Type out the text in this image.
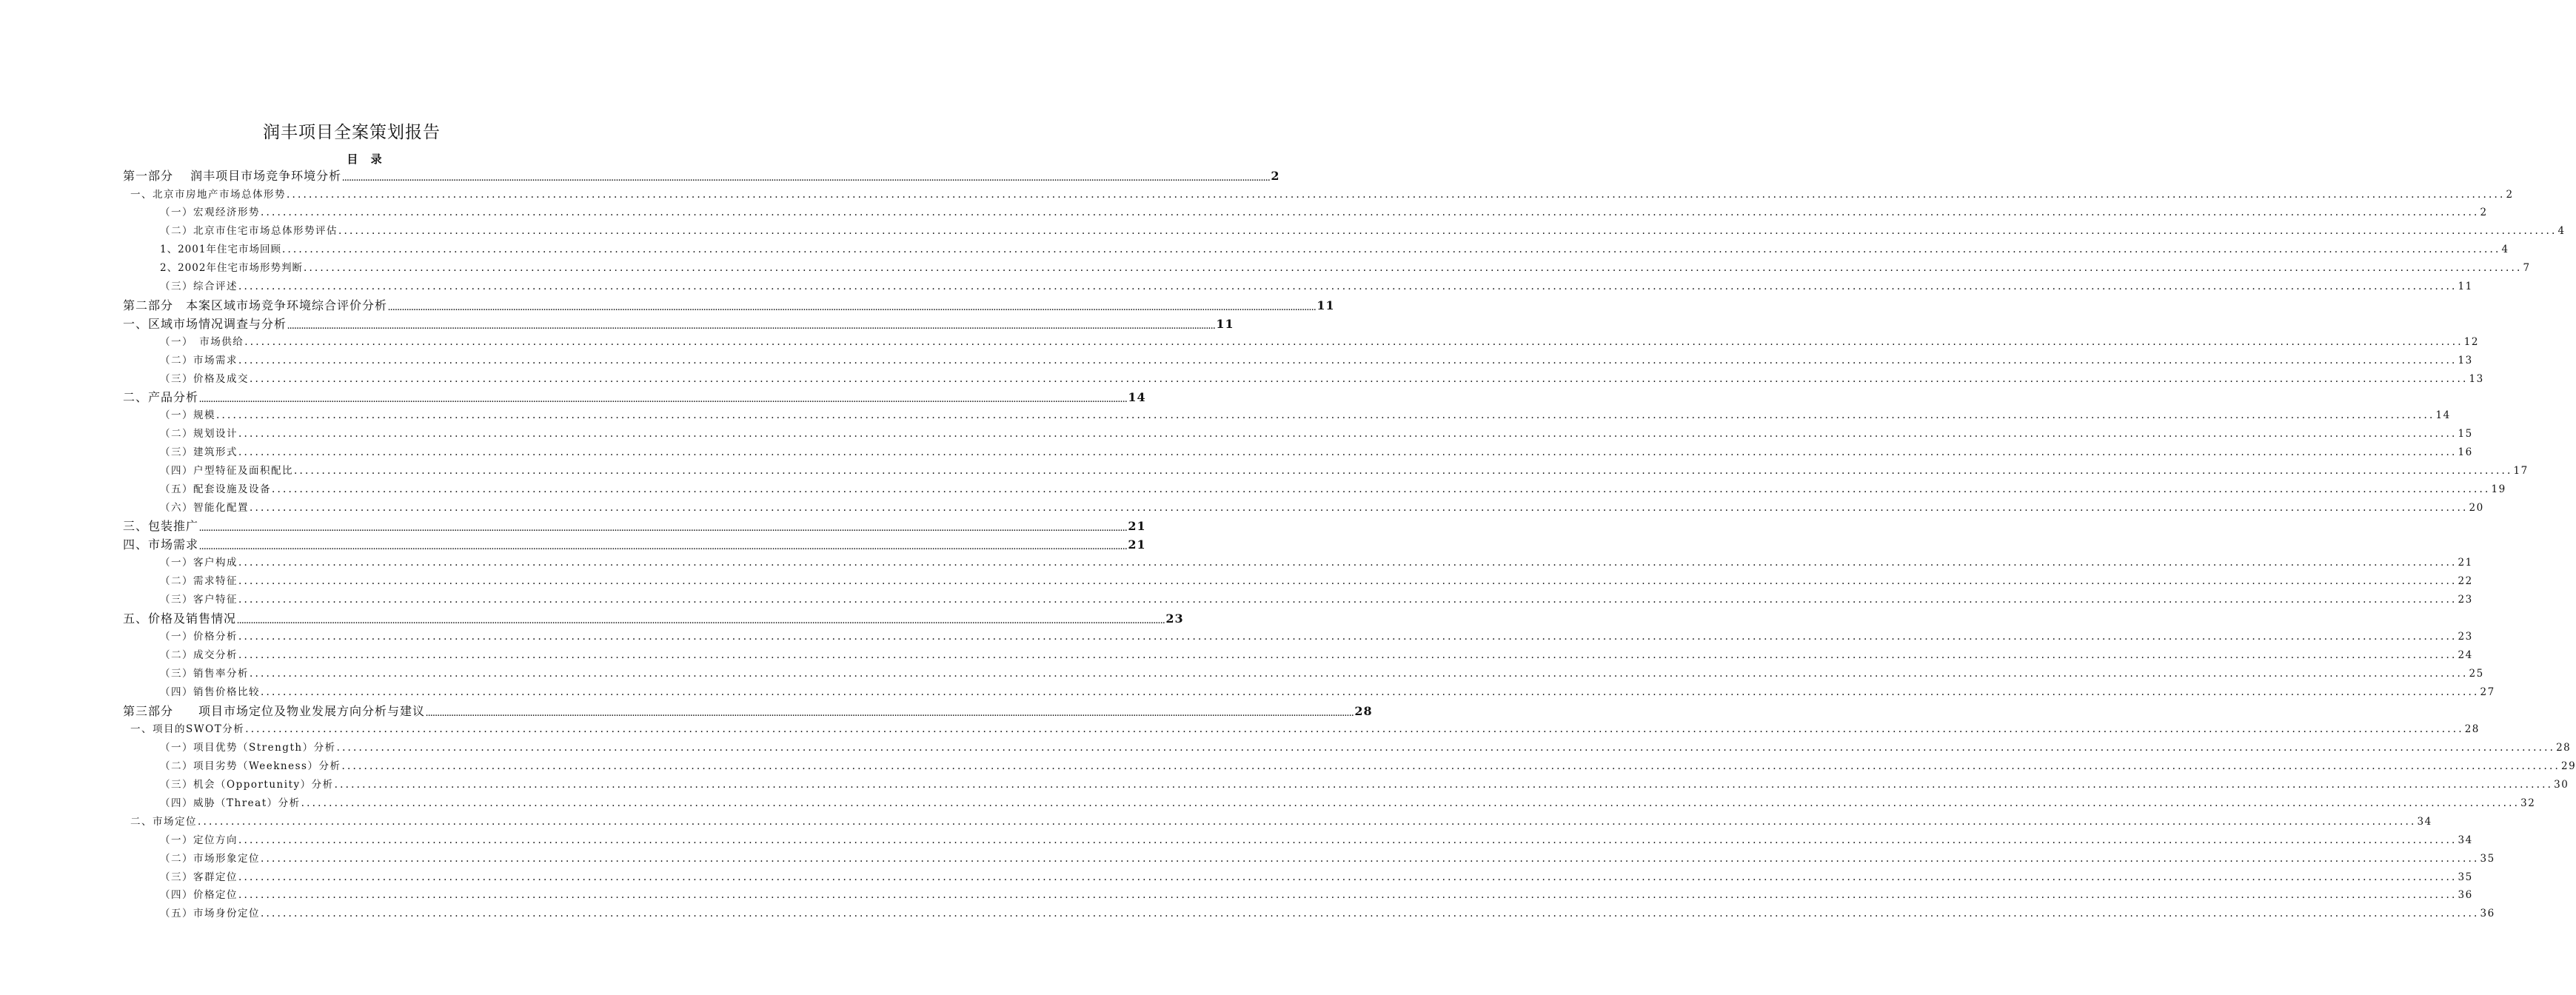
润丰项目全案策划报告
目 录
第一部分　 润丰项目市场竞争环境分析 ................................................................................................................................................................................................................................................................................................................................................................................................................ 2
一、北京市房地产市场总体形势 ................................................................................................................................................................................................................................................................................................................................................................................................................ 2
（一）宏观经济形势 ................................................................................................................................................................................................................................................................................................................................................................................................................ 2
（二）北京市住宅市场总体形势评估 ................................................................................................................................................................................................................................................................................................................................................................................................................ 4
1、2001年住宅市场回顾 ................................................................................................................................................................................................................................................................................................................................................................................................................ 4
2、2002年住宅市场形势判断 ................................................................................................................................................................................................................................................................................................................................................................................................................ 7
（三）综合评述 ................................................................................................................................................................................................................................................................................................................................................................................................................ 11
第二部分　本案区域市场竞争环境综合评价分析 ................................................................................................................................................................................................................................................................................................................................................................................................................ 11
一、区域市场情况调查与分析 ................................................................................................................................................................................................................................................................................................................................................................................................................ 11
（一）　市场供给 ................................................................................................................................................................................................................................................................................................................................................................................................................ 12
（二）市场需求 ................................................................................................................................................................................................................................................................................................................................................................................................................ 13
（三）价格及成交 ................................................................................................................................................................................................................................................................................................................................................................................................................ 13
二、产品分析 ................................................................................................................................................................................................................................................................................................................................................................................................................ 14
（一）规模 ................................................................................................................................................................................................................................................................................................................................................................................................................ 14
（二）规划设计 ................................................................................................................................................................................................................................................................................................................................................................................................................ 15
（三）建筑形式 ................................................................................................................................................................................................................................................................................................................................................................................................................ 16
（四）户型特征及面积配比 ................................................................................................................................................................................................................................................................................................................................................................................................................ 17
（五）配套设施及设备 ................................................................................................................................................................................................................................................................................................................................................................................................................ 19
（六）智能化配置 ................................................................................................................................................................................................................................................................................................................................................................................................................ 20
三、包装推广 ................................................................................................................................................................................................................................................................................................................................................................................................................ 21
四、市场需求 ................................................................................................................................................................................................................................................................................................................................................................................................................ 21
（一）客户构成 ................................................................................................................................................................................................................................................................................................................................................................................................................ 21
（二）需求特征 ................................................................................................................................................................................................................................................................................................................................................................................................................ 22
（三）客户特征 ................................................................................................................................................................................................................................................................................................................................................................................................................ 23
五、价格及销售情况 ................................................................................................................................................................................................................................................................................................................................................................................................................ 23
（一）价格分析 ................................................................................................................................................................................................................................................................................................................................................................................................................ 23
（二）成交分析 ................................................................................................................................................................................................................................................................................................................................................................................................................ 24
（三）销售率分析 ................................................................................................................................................................................................................................................................................................................................................................................................................ 25
（四）销售价格比较 ................................................................................................................................................................................................................................................................................................................................................................................................................ 27
第三部分　　项目市场定位及物业发展方向分析与建议 ................................................................................................................................................................................................................................................................................................................................................................................................................ 28
一、项目的SWOT分析 ................................................................................................................................................................................................................................................................................................................................................................................................................ 28
（一）项目优势（Strength）分析 ................................................................................................................................................................................................................................................................................................................................................................................................................ 28
（二）项目劣势（Weekness）分析 ................................................................................................................................................................................................................................................................................................................................................................................................................ 29
（三）机会（Opportunity）分析 ................................................................................................................................................................................................................................................................................................................................................................................................................ 30
（四）威胁（Threat）分析 ................................................................................................................................................................................................................................................................................................................................................................................................................ 32
二、市场定位 ................................................................................................................................................................................................................................................................................................................................................................................................................ 34
（一）定位方向 ................................................................................................................................................................................................................................................................................................................................................................................................................ 34
（二）市场形象定位 ................................................................................................................................................................................................................................................................................................................................................................................................................ 35
（三）客群定位 ................................................................................................................................................................................................................................................................................................................................................................................................................ 35
（四）价格定位 ................................................................................................................................................................................................................................................................................................................................................................................................................ 36
（五）市场身份定位 ................................................................................................................................................................................................................................................................................................................................................................................................................ 36
